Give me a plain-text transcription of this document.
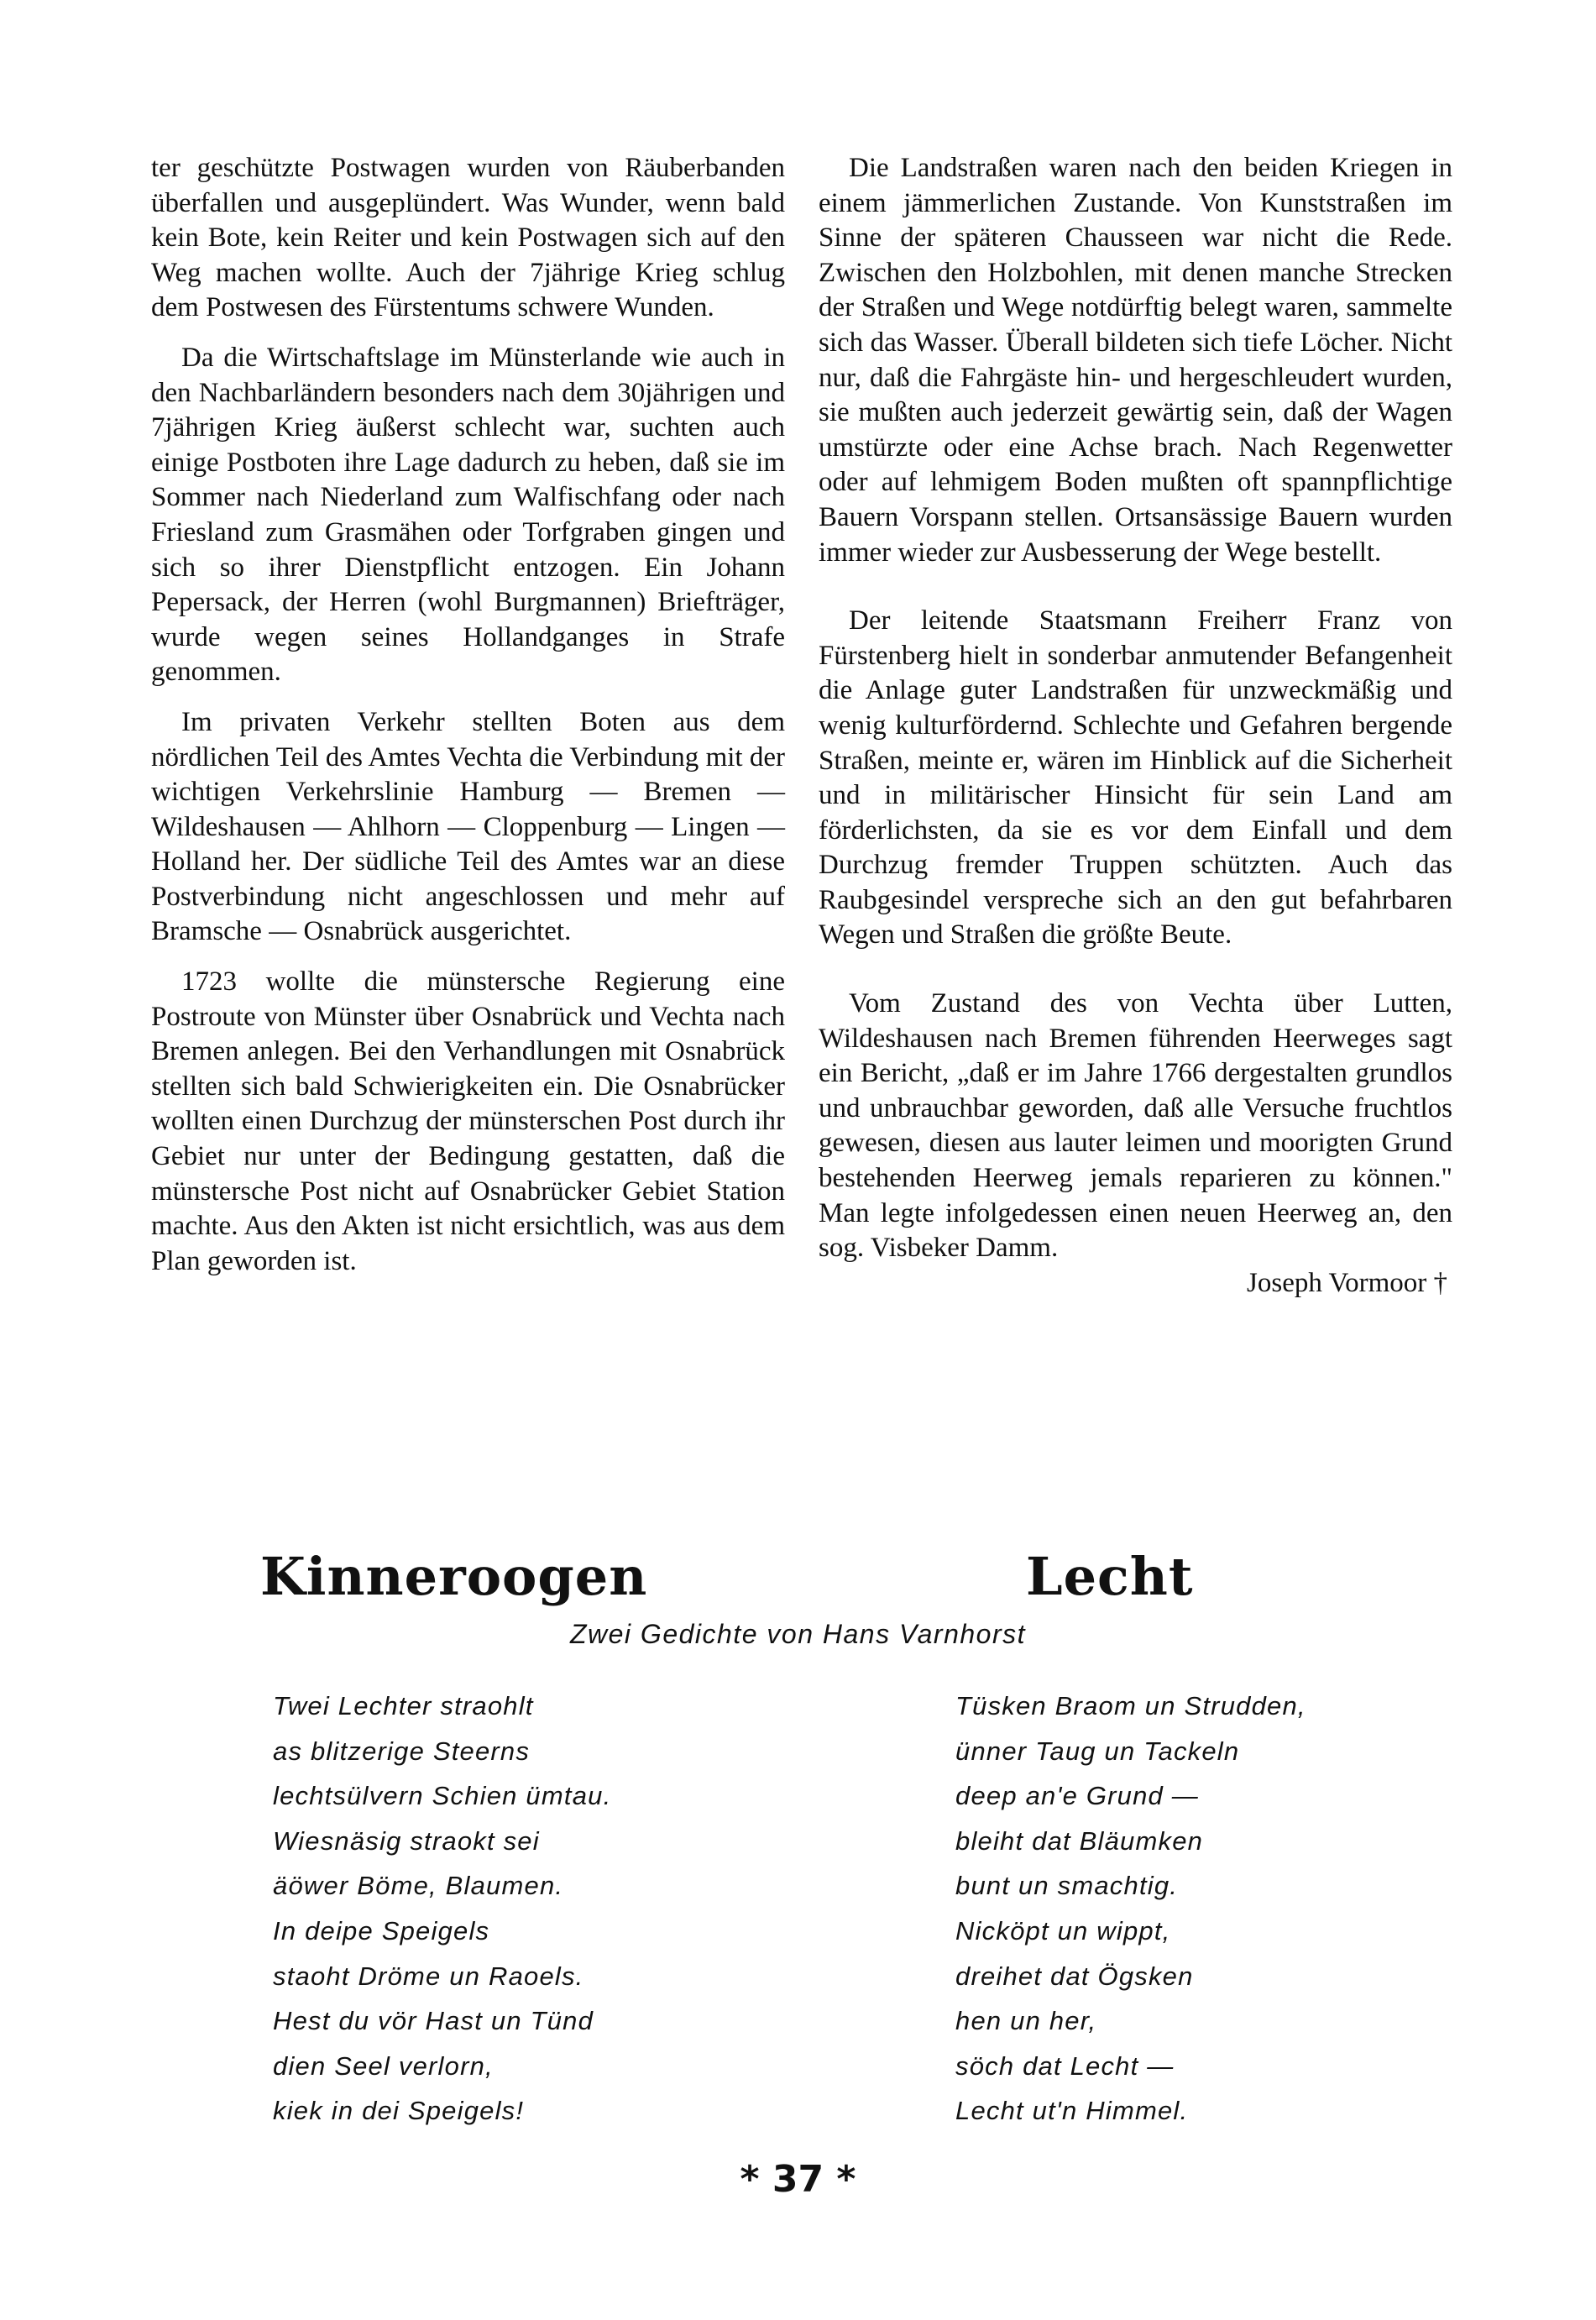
ter geschützte Postwagen wurden von Räuberbanden überfallen und ausgeplündert. Was Wunder, wenn bald kein Bote, kein Reiter und kein Postwagen sich auf den Weg machen wollte. Auch der 7jährige Krieg schlug dem Postwesen des Fürstentums schwere Wunden.

Da die Wirtschaftslage im Münsterlande wie auch in den Nachbarländern besonders nach dem 30jährigen und 7jährigen Krieg äußerst schlecht war, suchten auch einige Postboten ihre Lage dadurch zu heben, daß sie im Sommer nach Niederland zum Walfischfang oder nach Friesland zum Grasmähen oder Torfgraben gingen und sich so ihrer Dienstpflicht entzogen. Ein Johann Pepersack, der Herren (wohl Burgmannen) Briefträger, wurde wegen seines Hollandganges in Strafe genommen.

Im privaten Verkehr stellten Boten aus dem nördlichen Teil des Amtes Vechta die Verbindung mit der wichtigen Verkehrslinie Hamburg — Bremen — Wildeshausen — Ahlhorn — Cloppenburg — Lingen — Holland her. Der südliche Teil des Amtes war an diese Postverbindung nicht angeschlossen und mehr auf Bramsche — Osnabrück ausgerichtet.

1723 wollte die münstersche Regierung eine Postroute von Münster über Osnabrück und Vechta nach Bremen anlegen. Bei den Verhandlungen mit Osnabrück stellten sich bald Schwierigkeiten ein. Die Osnabrücker wollten einen Durchzug der münsterschen Post durch ihr Gebiet nur unter der Bedingung gestatten, daß die münstersche Post nicht auf Osnabrücker Gebiet Station machte. Aus den Akten ist nicht ersichtlich, was aus dem Plan geworden ist.

Die Landstraßen waren nach den beiden Kriegen in einem jämmerlichen Zustande. Von Kunststraßen im Sinne der späteren Chausseen war nicht die Rede. Zwischen den Holzbohlen, mit denen manche Strecken der Straßen und Wege notdürftig belegt waren, sammelte sich das Wasser. Überall bildeten sich tiefe Löcher. Nicht nur, daß die Fahrgäste hin- und hergeschleudert wurden, sie mußten auch jederzeit gewärtig sein, daß der Wagen umstürzte oder eine Achse brach. Nach Regenwetter oder auf lehmigem Boden mußten oft spannpflichtige Bauern Vorspann stellen. Ortsansässige Bauern wurden immer wieder zur Ausbesserung der Wege bestellt.

Der leitende Staatsmann Freiherr Franz von Fürstenberg hielt in sonderbar anmutender Befangenheit die Anlage guter Landstraßen für unzweckmäßig und wenig kulturfördernd. Schlechte und Gefahren bergende Straßen, meinte er, wären im Hinblick auf die Sicherheit und in militärischer Hinsicht für sein Land am förderlichsten, da sie es vor dem Einfall und dem Durchzug fremder Truppen schützten. Auch das Raubgesindel verspreche sich an den gut befahrbaren Wegen und Straßen die größte Beute.

Vom Zustand des von Vechta über Lutten, Wildeshausen nach Bremen führenden Heerweges sagt ein Bericht, „daß er im Jahre 1766 dergestalten grundlos und unbrauchbar geworden, daß alle Versuche fruchtlos gewesen, diesen aus lauter leimen und moorigten Grund bestehenden Heerweg jemals reparieren zu können." Man legte infolgedessen einen neuen Heerweg an, den sog. Visbeker Damm.

Joseph Vormoor †

Kinneroogen	Lecht

Zwei Gedichte von Hans Varnhorst

Twei Lechter straohlt
as blitzerige Steerns
lechtsülvern Schien ümtau.
Wiesnäsig straokt sei
äöwer Böme, Blaumen.
In deipe Speigels
staoht Dröme un Raoels.
Hest du vör Hast un Tünd
dien Seel verlorn,
kiek in dei Speigels!
Tüsken Braom un Strudden,
ünner Taug un Tackeln
deep an'e Grund —
bleiht dat Bläumken
bunt un smachtig.
Nicköpt un wippt,
dreihet dat Ögsken
hen un her,
söch dat Lecht —
Lecht ut'n Himmel.

* 37 *
